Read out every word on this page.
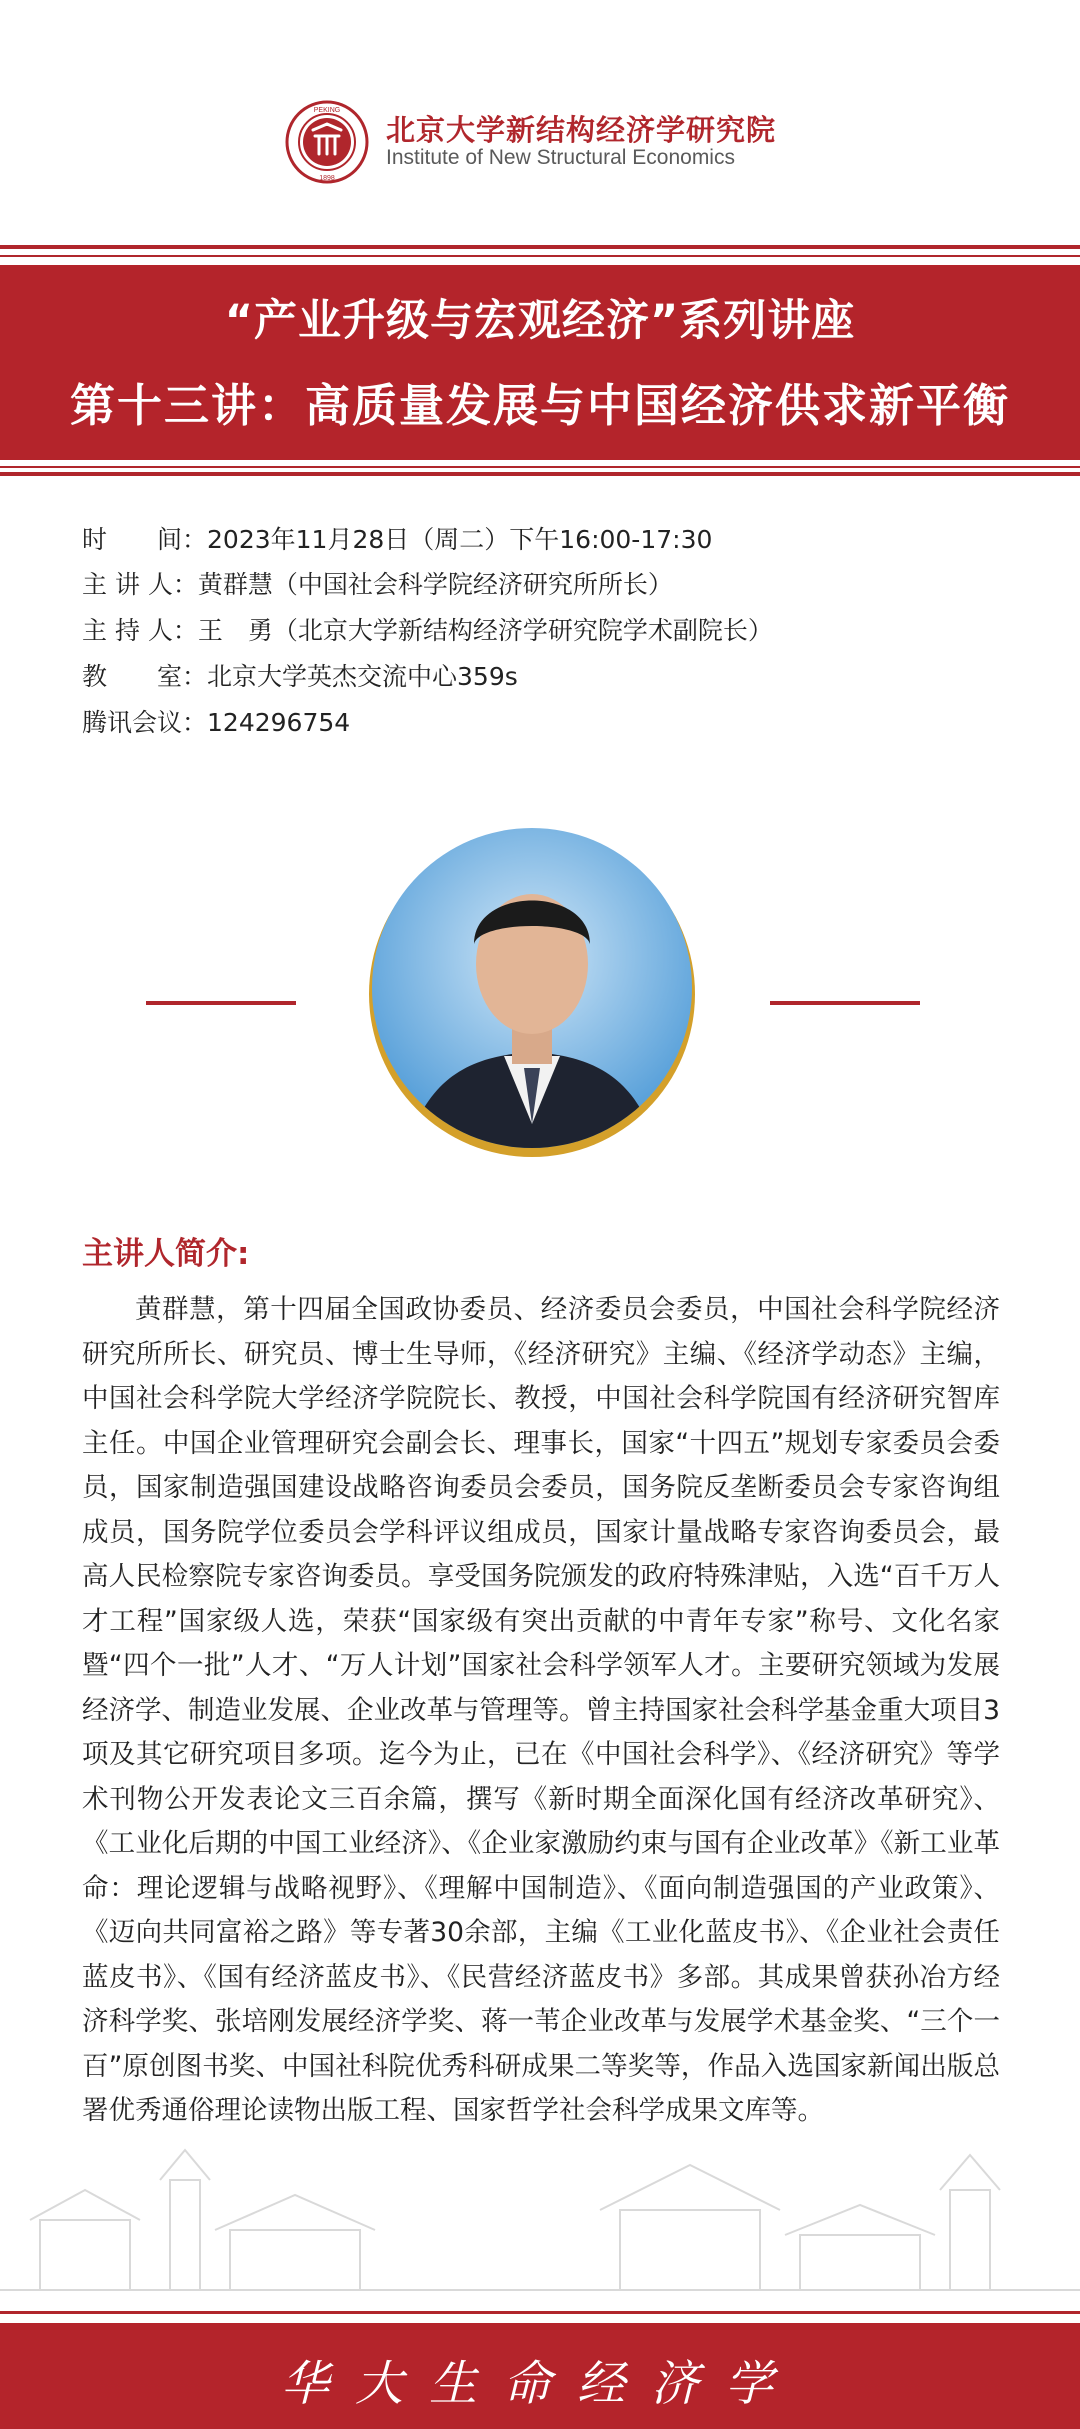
PEKING
1898
北京大学新结构经济学研究院
Institute of New Structural Economics
“产业升级与宏观经济”系列讲座
第十三讲：高质量发展与中国经济供求新平衡
时　　间：2023年11月28日（周二）下午16:00-17:30
主 讲 人：黄群慧（中国社会科学院经济研究所所长）
主 持 人：王　勇（北京大学新结构经济学研究院学术副院长）
教　　室：北京大学英杰交流中心359s
腾讯会议：124296754
主讲人简介:
黄群慧，第十四届全国政协委员、经济委员会委员，中国社会科学院经济研究所所长、研究员、博士生导师，《经济研究》主编、《经济学动态》主编，中国社会科学院大学经济学院院长、教授，中国社会科学院国有经济研究智库主任。中国企业管理研究会副会长、理事长，国家“十四五”规划专家委员会委员，国家制造强国建设战略咨询委员会委员，国务院反垄断委员会专家咨询组成员，国务院学位委员会学科评议组成员，国家计量战略专家咨询委员会，最高人民检察院专家咨询委员。享受国务院颁发的政府特殊津贴，入选“百千万人才工程”国家级人选，荣获“国家级有突出贡献的中青年专家”称号、文化名家暨“四个一批”人才、“万人计划”国家社会科学领军人才。主要研究领域为发展经济学、制造业发展、企业改革与管理等。曾主持国家社会科学基金重大项目3项及其它研究项目多项。迄今为止，已在《中国社会科学》、《经济研究》等学术刊物公开发表论文三百余篇，撰写《新时期全面深化国有经济改革研究》、《工业化后期的中国工业经济》、《企业家激励约束与国有企业改革》《新工业革命：理论逻辑与战略视野》、《理解中国制造》、《面向制造强国的产业政策》、《迈向共同富裕之路》等专著30余部，主编《工业化蓝皮书》、《企业社会责任蓝皮书》、《国有经济蓝皮书》、《民营经济蓝皮书》多部。其成果曾获孙冶方经济科学奖、张培刚发展经济学奖、蒋一苇企业改革与发展学术基金奖、“三个一百”原创图书奖、中国社科院优秀科研成果二等奖等，作品入选国家新闻出版总署优秀通俗理论读物出版工程、国家哲学社会科学成果文库等。
华大生命经济学
